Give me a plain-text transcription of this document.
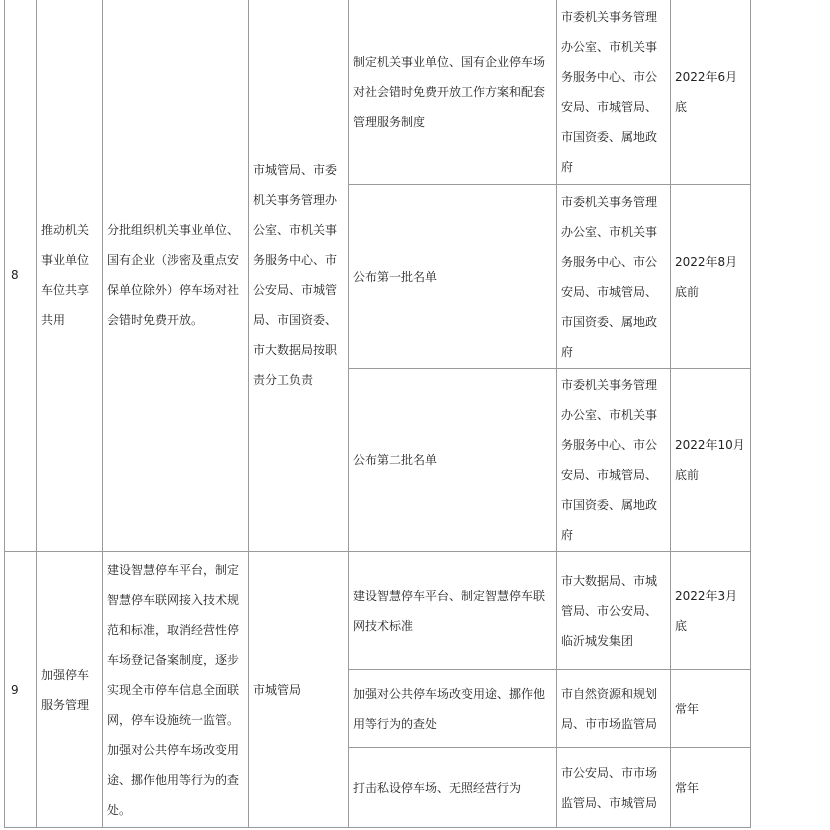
8	推动机关事业单位车位共享共用	分批组织机关事业单位、国有企业（涉密及重点安保单位除外）停车场对社会错时免费开放。	市城管局、市委机关事务管理办公室、市机关事务服务中心、市公安局、市城管局、市国资委、市大数据局按职责分工负责	制定机关事业单位、国有企业停车场对社会错时免费开放工作方案和配套管理服务制度	市委机关事务管理办公室、市机关事务服务中心、市公安局、市城管局、市国资委、属地政府	2022年6月底
				公布第一批名单	市委机关事务管理办公室、市机关事务服务中心、市公安局、市城管局、市国资委、属地政府	2022年8月底前
				公布第二批名单	市委机关事务管理办公室、市机关事务服务中心、市公安局、市城管局、市国资委、属地政府	2022年10月底前
9	加强停车服务管理	建设智慧停车平台，制定智慧停车联网接入技术规范和标准，取消经营性停车场登记备案制度，逐步实现全市停车信息全面联网，停车设施统一监管。加强对公共停车场改变用途、挪作他用等行为的查处。	市城管局	建设智慧停车平台、制定智慧停车联网技术标准	市大数据局、市城管局、市公安局、临沂城发集团	2022年3月底
				加强对公共停车场改变用途、挪作他用等行为的查处	市自然资源和规划局、市市场监管局	常年
				打击私设停车场、无照经营行为	市公安局、市市场监管局、市城管局	常年
